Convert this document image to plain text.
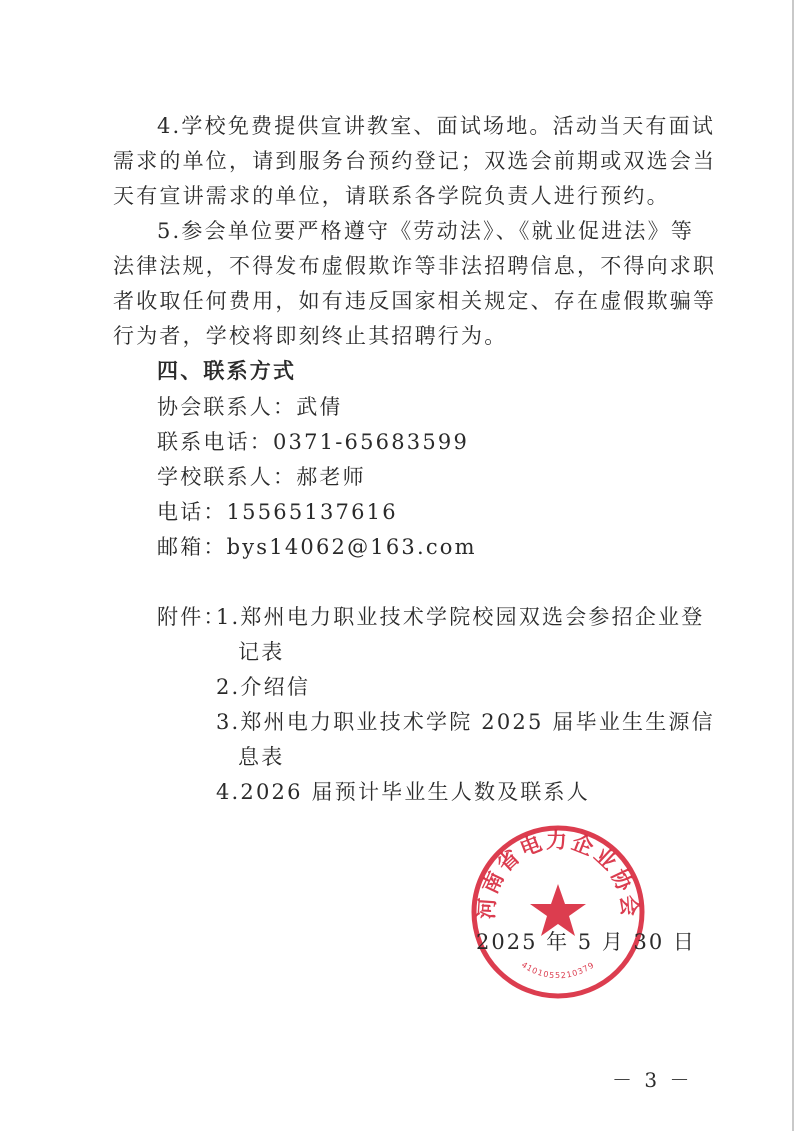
4.学校免费提供宣讲教室、面试场地。活动当天有面试
需求的单位，请到服务台预约登记；双选会前期或双选会当
天有宣讲需求的单位，请联系各学院负责人进行预约。
5.参会单位要严格遵守《劳动法》、《就业促进法》等
法律法规，不得发布虚假欺诈等非法招聘信息，不得向求职
者收取任何费用，如有违反国家相关规定、存在虚假欺骗等
行为者，学校将即刻终止其招聘行为。
四、联系方式
协会联系人：武倩
联系电话：0371-65683599
学校联系人：郝老师
电话：15565137616
邮箱：bys14062@163.com
附件：
1.郑州电力职业技术学院校园双选会参招企业登
记表
2.介绍信
3.郑州电力职业技术学院 2025 届毕业生生源信
息表
4.2026 届预计毕业生人数及联系人
河南省电力企业协会
4101055210379
2025 年 5 月 30 日
－ 3 －
